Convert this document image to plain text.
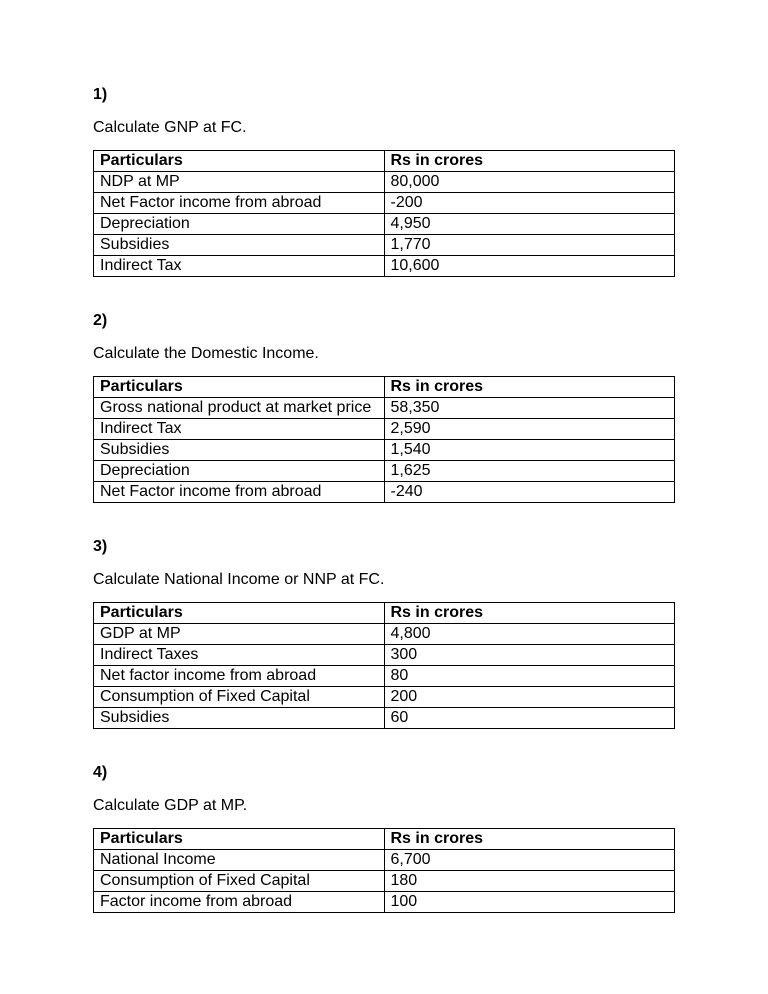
1)

Calculate GNP at FC.

Particulars	Rs in crores
NDP at MP	80,000
Net Factor income from abroad	-200
Depreciation	4,950
Subsidies	1,770
Indirect Tax	10,600

2)

Calculate the Domestic Income.

Particulars	Rs in crores
Gross national product at market price	58,350
Indirect Tax	2,590
Subsidies	1,540
Depreciation	1,625
Net Factor income from abroad	-240

3)

Calculate National Income or NNP at FC.

Particulars	Rs in crores
GDP at MP	4,800
Indirect Taxes	300
Net factor income from abroad	80
Consumption of Fixed Capital	200
Subsidies	60

4)

Calculate GDP at MP.

Particulars	Rs in crores
National Income	6,700
Consumption of Fixed Capital	180
Factor income from abroad	100
